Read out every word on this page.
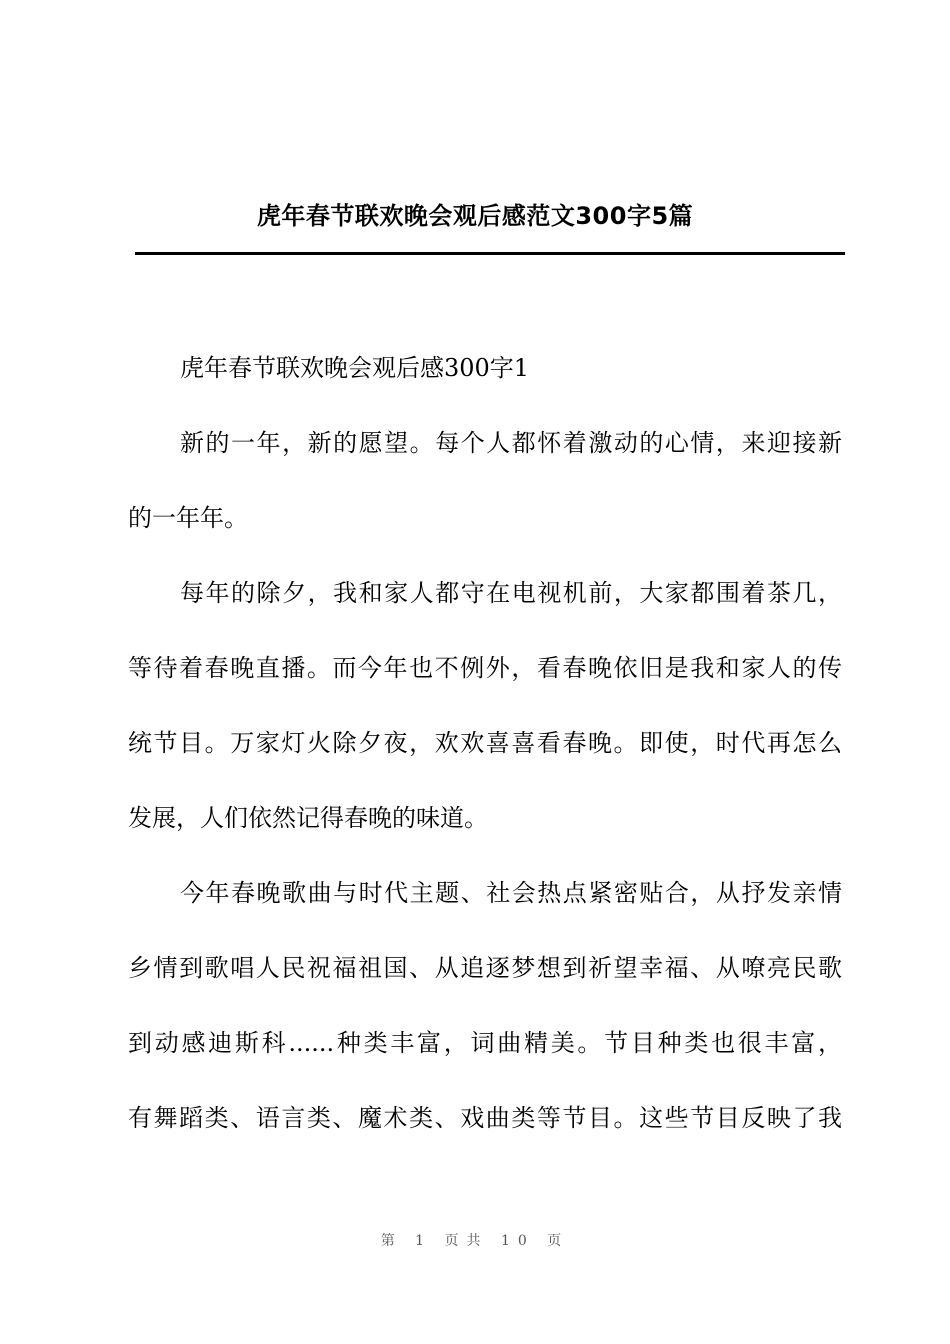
虎年春节联欢晚会观后感范文300字5篇
虎年春节联欢晚会观后感300字1
新的一年，新的愿望。每个人都怀着激动的心情，来迎接新
的一年年。
每年的除夕，我和家人都守在电视机前，大家都围着茶几，
等待着春晚直播。而今年也不例外，看春晚依旧是我和家人的传
统节目。万家灯火除夕夜，欢欢喜喜看春晚。即使，时代再怎么
发展，人们依然记得春晚的味道。
今年春晚歌曲与时代主题、社会热点紧密贴合，从抒发亲情
乡情到歌唱人民祝福祖国、从追逐梦想到祈望幸福、从嘹亮民歌
到动感迪斯科......种类丰富，词曲精美。节目种类也很丰富，
有舞蹈类、语言类、魔术类、戏曲类等节目。这些节目反映了我
第 1 页共 10 页
